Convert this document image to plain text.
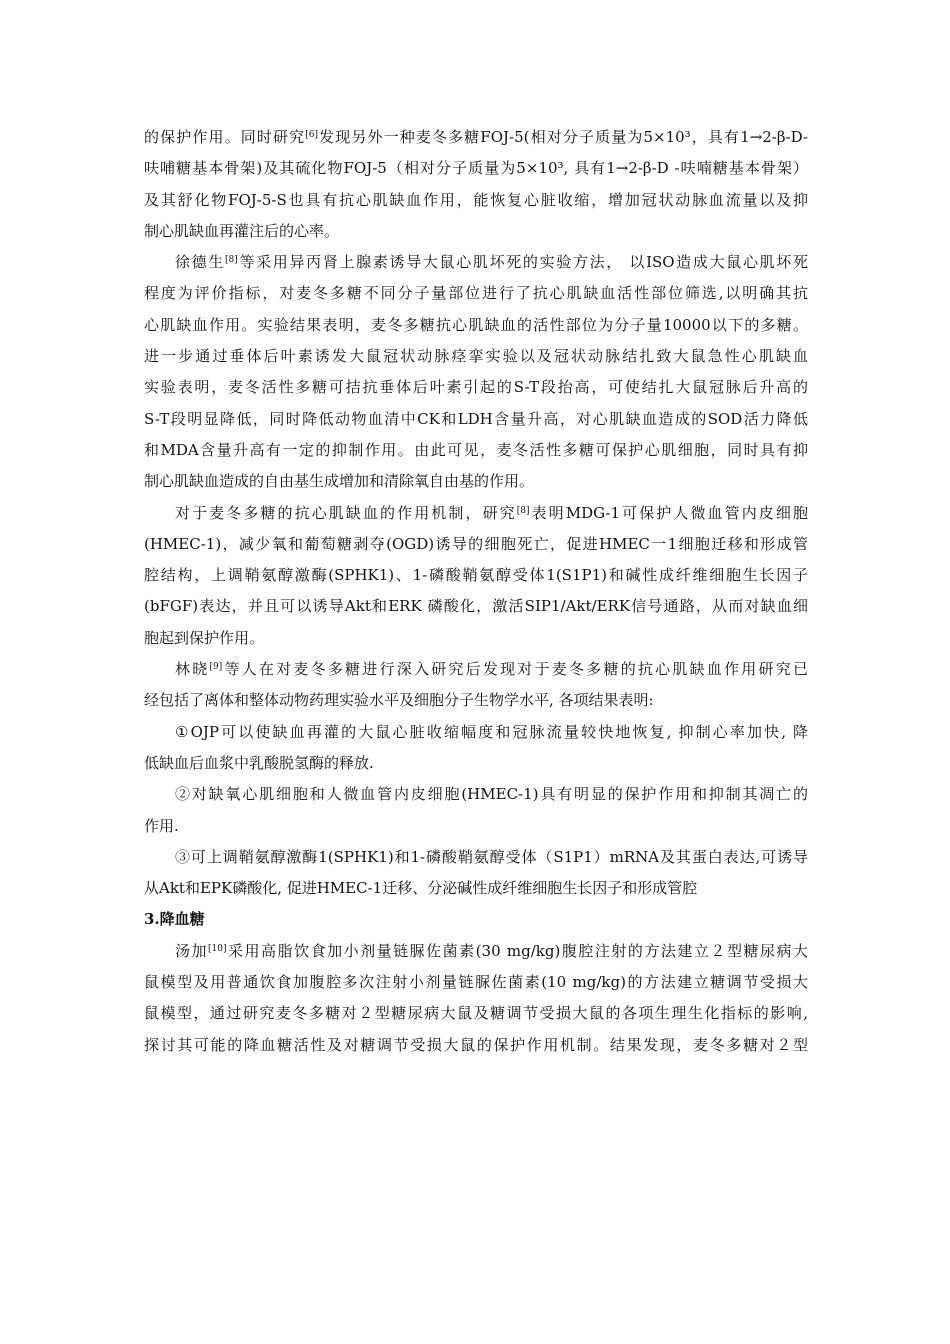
的保护作用。同时研究[6]发现另外一种麦冬多糖FOJ-5(相对分子质量为5×10³，具有1→2-β-D-
呋哺糖基本骨架)及其硫化物FOJ-5（相对分子质量为5×10³, 具有1→2-β-D -呋喃糖基本骨架）
及其舒化物FOJ-5-S也具有抗心肌缺血作用，能恢复心脏收缩，增加冠状动脉血流量以及抑
制心肌缺血再灌注后的心率。
徐德生[8]等采用异丙肾上腺素诱导大鼠心肌坏死的实验方法， 以ISO造成大鼠心肌坏死
程度为评价指标，对麦冬多糖不同分子量部位进行了抗心肌缺血活性部位筛选,以明确其抗
心肌缺血作用。实验结果表明，麦冬多糖抗心肌缺血的活性部位为分子量10000以下的多糖。
进一步通过垂体后叶素诱发大鼠冠状动脉痉挛实验以及冠状动脉结扎致大鼠急性心肌缺血
实验表明，麦冬活性多糖可拮抗垂体后叶素引起的S-T段抬高，可使结扎大鼠冠脉后升高的
S-T段明显降低，同时降低动物血清中CK和LDH含量升高，对心肌缺血造成的SOD活力降低
和MDA含量升高有一定的抑制作用。由此可见，麦冬活性多糖可保护心肌细胞，同时具有抑
制心肌缺血造成的自由基生成增加和清除氧自由基的作用。
对于麦冬多糖的抗心肌缺血的作用机制，研究[8]表明MDG-1可保护人微血管内皮细胞
(HMEC-1)，减少氧和葡萄糖剥夺(OGD)诱导的细胞死亡，促进HMEC一1细胞迁移和形成管
腔结构，上调鞘氨醇激酶(SPHK1)、1-磷酸鞘氨醇受体1(S1P1)和碱性成纤维细胞生长因子
(bFGF)表达，并且可以诱导Akt和ERK 磷酸化，激活SIP1/Akt/ERK信号通路，从而对缺血细
胞起到保护作用。
林晓[9]等人在对麦冬多糖进行深入研究后发现对于麦冬多糖的抗心肌缺血作用研究已
经包括了离体和整体动物药理实验水平及细胞分子生物学水平, 各项结果表明:
①OJP可以使缺血再灌的大鼠心脏收缩幅度和冠脉流量较快地恢复, 抑制心率加快, 降
低缺血后血浆中乳酸脱氢酶的释放.
②对缺氧心肌细胞和人微血管内皮细胞(HMEC-1)具有明显的保护作用和抑制其凋亡的
作用.
③可上调鞘氨醇激酶1(SPHK1)和1-磷酸鞘氨醇受体（S1P1）mRNA及其蛋白表达,可诱导
从Akt和EPK磷酸化, 促进HMEC-1迁移、分泌碱性成纤维细胞生长因子和形成管腔
3.降血糖
汤加[10]采用高脂饮食加小剂量链脲佐菌素(30 mg/kg)腹腔注射的方法建立２型糖尿病大
鼠模型及用普通饮食加腹腔多次注射小剂量链脲佐菌素(10 mg/kg)的方法建立糖调节受损大
鼠模型，通过研究麦冬多糖对２型糖尿病大鼠及糖调节受损大鼠的各项生理生化指标的影响,
探讨其可能的降血糖活性及对糖调节受损大鼠的保护作用机制。结果发现，麦冬多糖对２型
